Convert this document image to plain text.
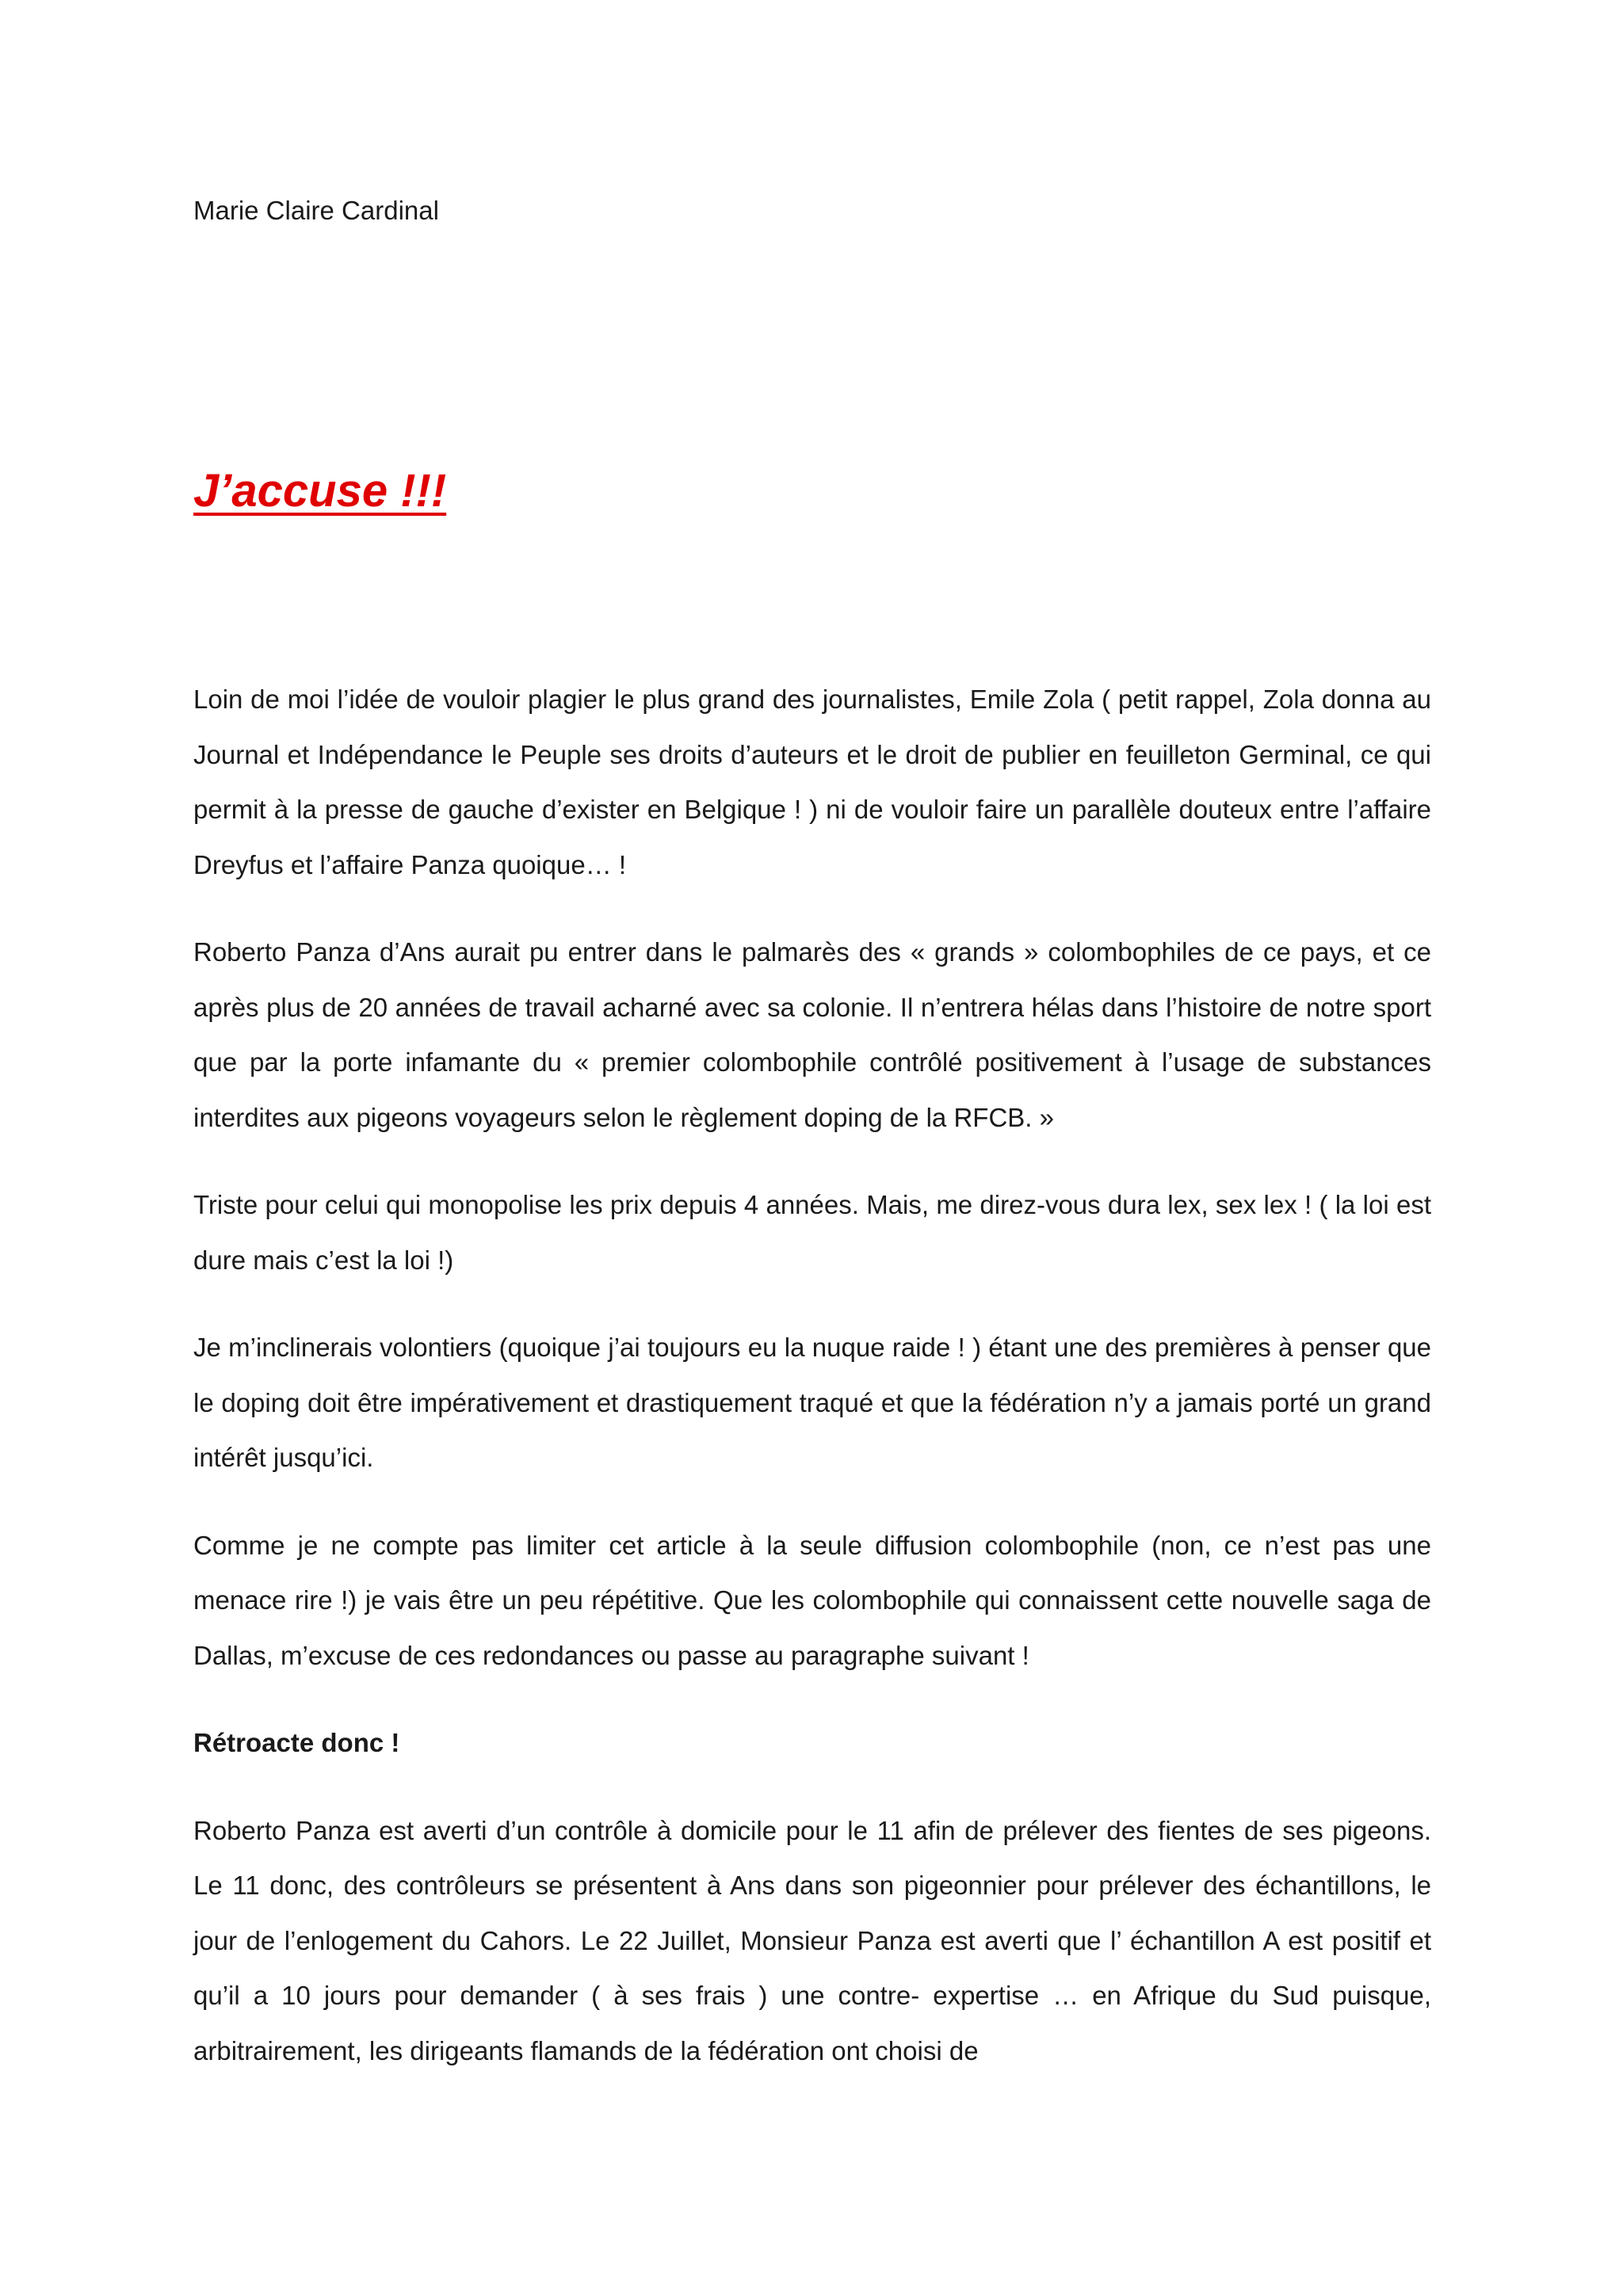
Marie Claire Cardinal

J’accuse !!!

Loin de moi l’idée de vouloir plagier le plus grand des journalistes, Emile Zola ( petit rappel, Zola donna au Journal et Indépendance le Peuple ses droits d’auteurs et le droit de publier en feuilleton Germinal, ce qui permit à la presse de gauche d’exister en Belgique ! ) ni de vouloir faire un parallèle douteux entre l’affaire Dreyfus et l’affaire Panza quoique… !

Roberto Panza d’Ans aurait pu entrer dans le palmarès des « grands » colombophiles de ce pays, et ce après plus de 20 années de travail acharné avec sa colonie. Il n’entrera hélas dans l’histoire de notre sport que par la porte infamante du « premier colombophile contrôlé positivement à l’usage de substances interdites aux pigeons voyageurs selon le règlement doping de la RFCB. »

Triste pour celui qui monopolise les prix depuis 4 années. Mais, me direz-vous dura lex, sex lex ! ( la loi est dure mais c’est la loi !)

Je m’inclinerais volontiers (quoique j’ai toujours eu la nuque raide ! ) étant une des premières à penser que le doping doit être impérativement et drastiquement traqué et que la fédération n’y a jamais porté un grand intérêt jusqu’ici.

Comme je ne compte pas limiter cet article à la seule diffusion colombophile (non, ce n’est pas une menace rire !) je vais être un peu répétitive. Que les colombophile qui connaissent cette nouvelle saga de Dallas, m’excuse de ces redondances ou passe au paragraphe suivant !

Rétroacte donc !

Roberto Panza est averti d’un contrôle à domicile pour le 11 afin de prélever des fientes de ses pigeons. Le 11 donc, des contrôleurs se présentent à Ans dans son pigeonnier pour prélever des échantillons, le jour de l’enlogement du Cahors. Le 22 Juillet, Monsieur Panza est averti que l’ échantillon A est positif et qu’il a 10 jours pour demander ( à ses frais ) une contre- expertise … en Afrique du Sud puisque, arbitrairement, les dirigeants flamands de la fédération ont choisi de
